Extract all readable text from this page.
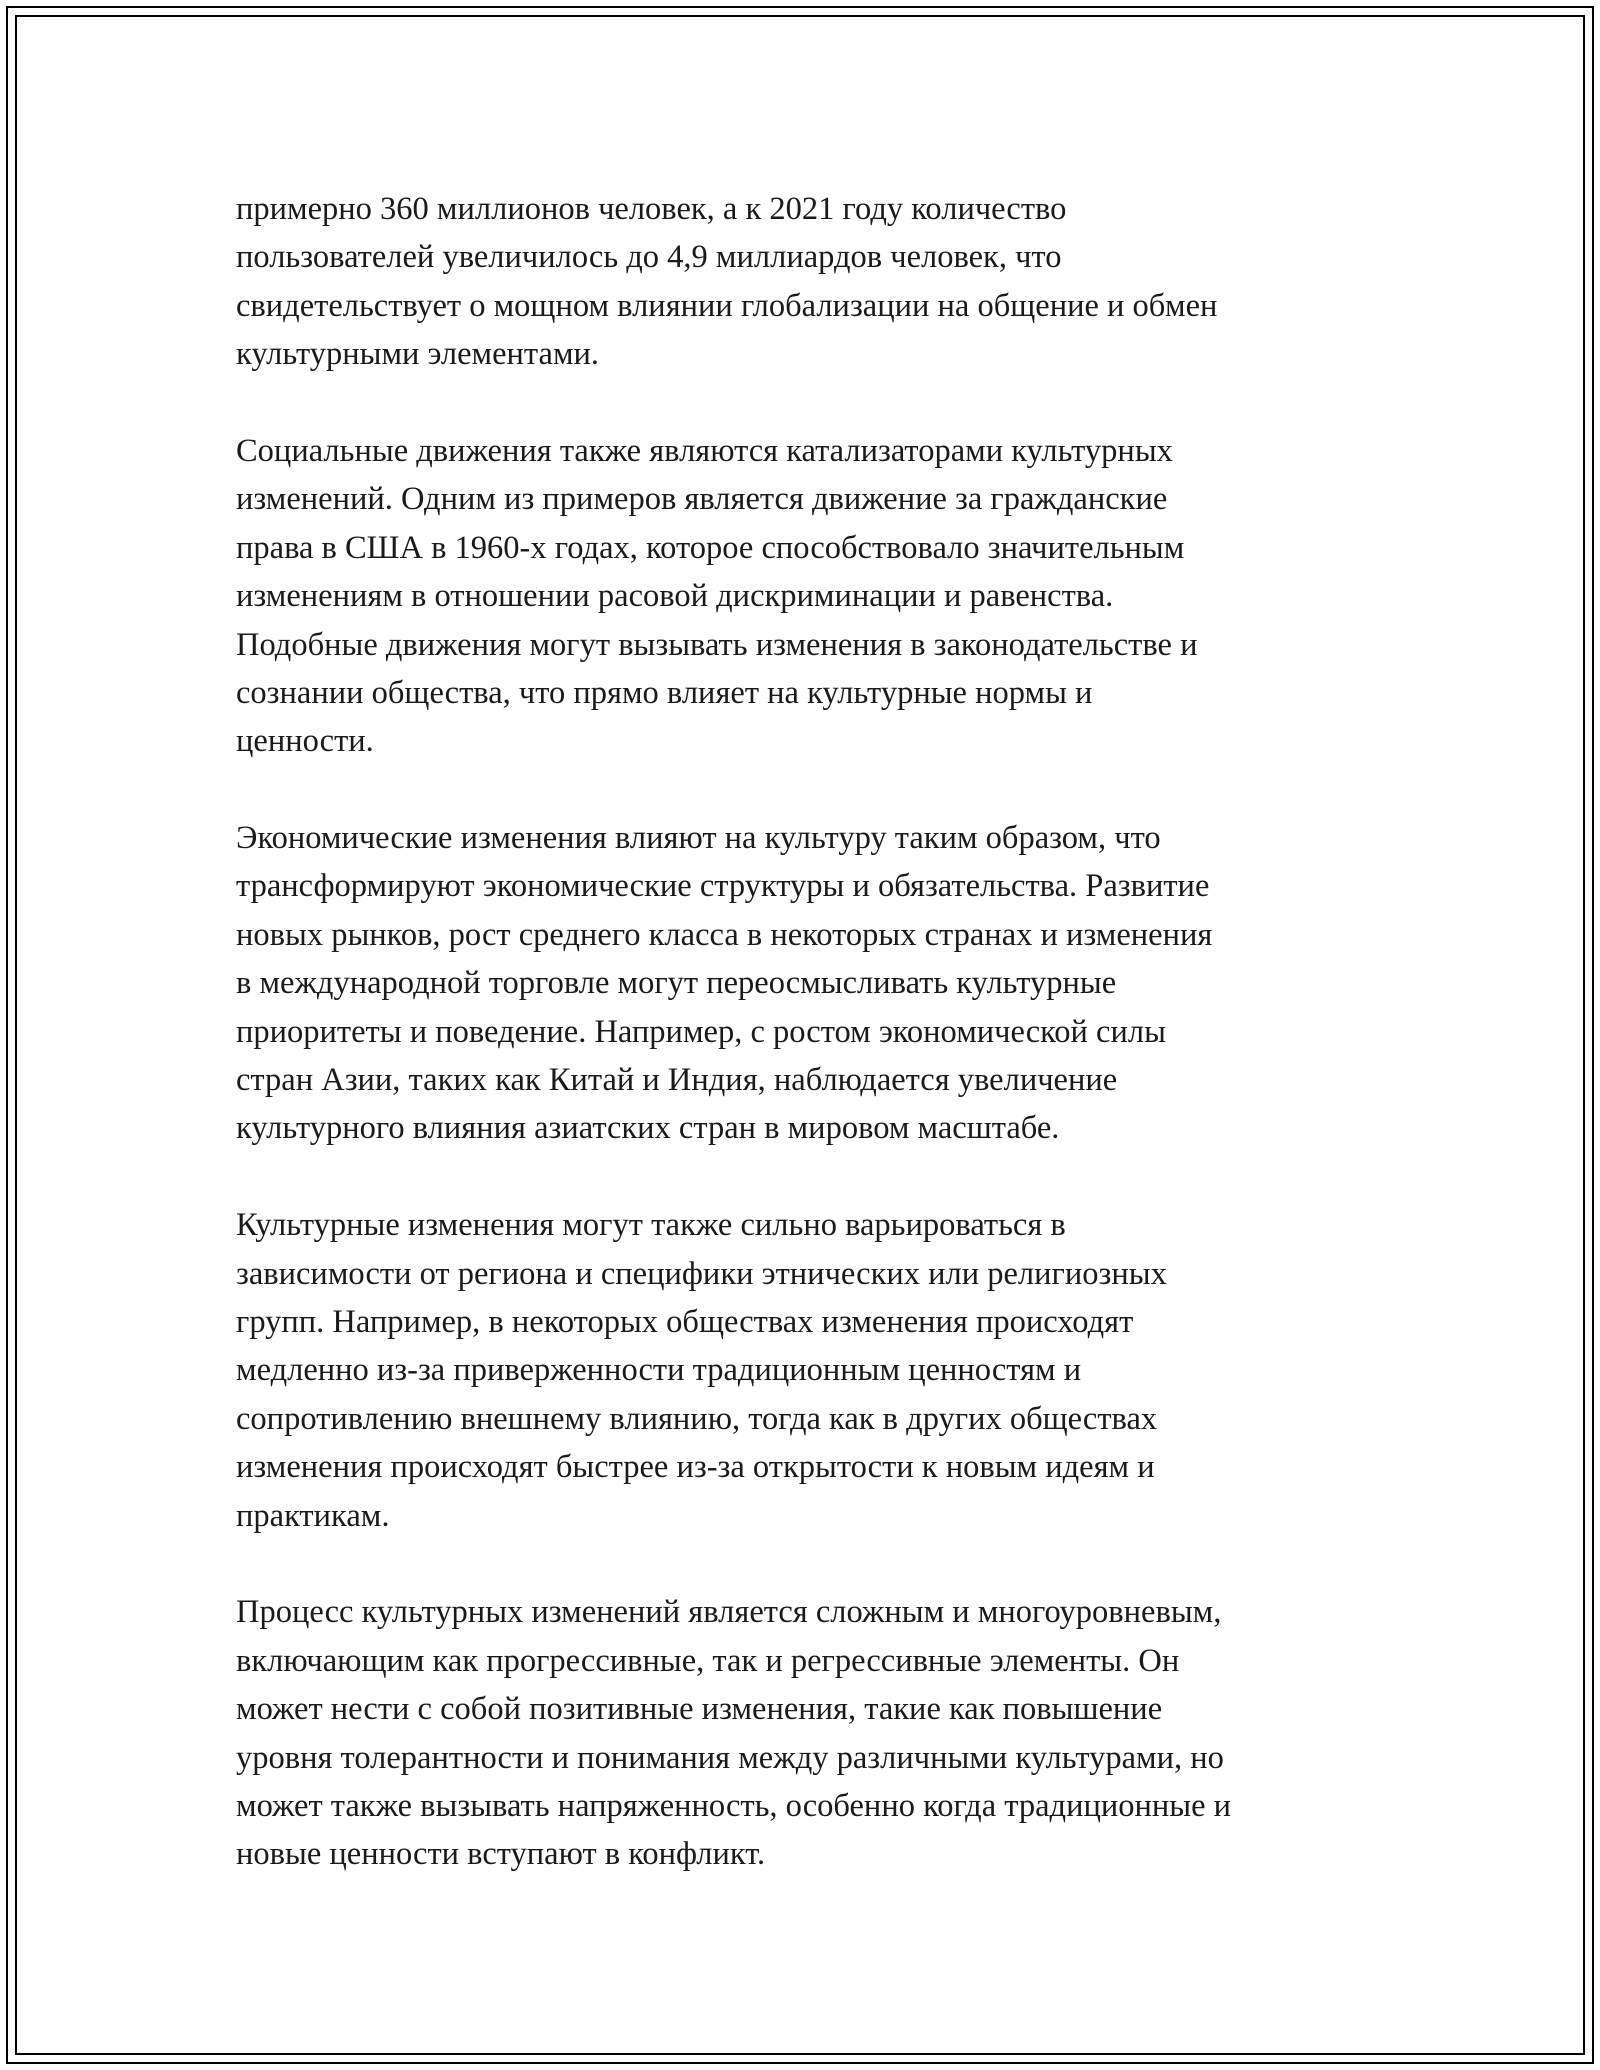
примерно 360 миллионов человек, а к 2021 году количество
пользователей увеличилось до 4,9 миллиардов человек, что
свидетельствует о мощном влиянии глобализации на общение и обмен
культурными элементами.

Социальные движения также являются катализаторами культурных
изменений. Одним из примеров является движение за гражданские
права в США в 1960-х годах, которое способствовало значительным
изменениям в отношении расовой дискриминации и равенства.
Подобные движения могут вызывать изменения в законодательстве и
сознании общества, что прямо влияет на культурные нормы и
ценности.

Экономические изменения влияют на культуру таким образом, что
трансформируют экономические структуры и обязательства. Развитие
новых рынков, рост среднего класса в некоторых странах и изменения
в международной торговле могут переосмысливать культурные
приоритеты и поведение. Например, с ростом экономической силы
стран Азии, таких как Китай и Индия, наблюдается увеличение
культурного влияния азиатских стран в мировом масштабе.

Культурные изменения могут также сильно варьироваться в
зависимости от региона и специфики этнических или религиозных
групп. Например, в некоторых обществах изменения происходят
медленно из-за приверженности традиционным ценностям и
сопротивлению внешнему влиянию, тогда как в других обществах
изменения происходят быстрее из-за открытости к новым идеям и
практикам.

Процесс культурных изменений является сложным и многоуровневым,
включающим как прогрессивные, так и регрессивные элементы. Он
может нести с собой позитивные изменения, такие как повышение
уровня толерантности и понимания между различными культурами, но
может также вызывать напряженность, особенно когда традиционные и
новые ценности вступают в конфликт.
